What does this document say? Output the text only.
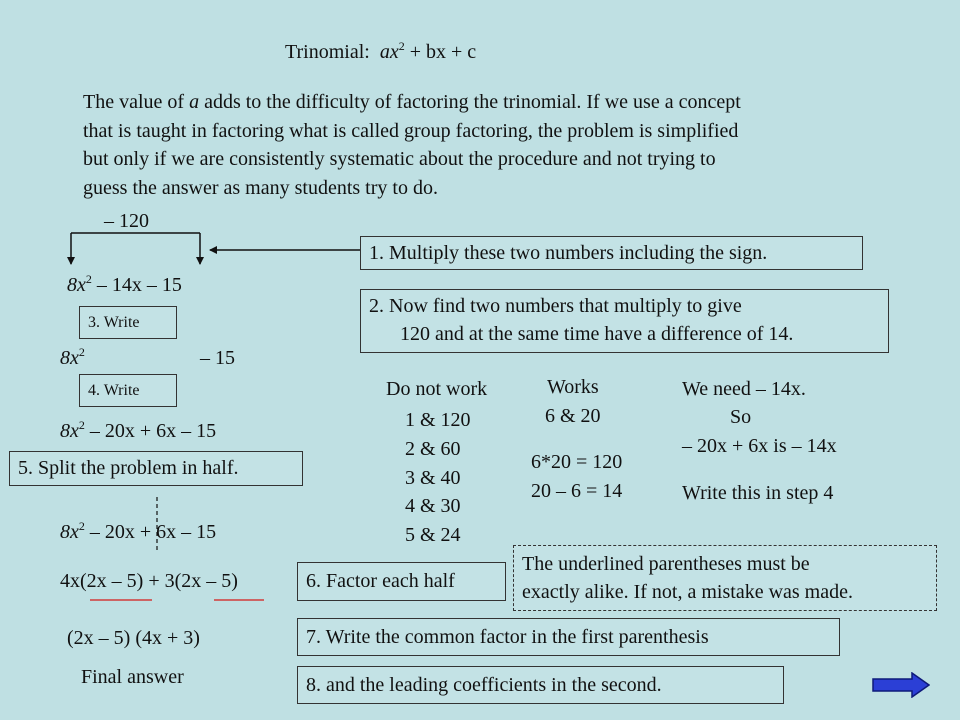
Trinomial: $ax^2$ + bx + c
The value of a adds to the difficulty of factoring the trinomial. If we use a concept
that is taught in factoring what is called group factoring, the problem is simplified
but only if we are consistently systematic about the procedure and not trying to
guess the answer as many students try to do.
– 120
1. Multiply these two numbers including the sign.
$8x^2 - 14x - 15$
2. Now find two numbers that multiply to give
120 and at the same time have a difference of 14.
3. Write
$8x^2$	– 15
4. Write	Do not work
1 & 120
2 & 60
3 & 40
4 & 30
5 & 24
Works
6 & 20
6*20 = 120
20 – 6 = 14
We need – 14x.
So
– 20x + 6x is – 14x
Write this in step 4
$8x^2 - 20x + 6x - 15$
5. Split the problem in half.
$8x^2 - 20x + 6x - 15$
4x(2x – 5) + 3(2x – 5)	6. Factor each half
The underlined parentheses must be
exactly alike. If not, a mistake was made.
(2x – 5) (4x + 3)
Final answer
7. Write the common factor in the first parenthesis
8. and the leading coefficients in the second.
